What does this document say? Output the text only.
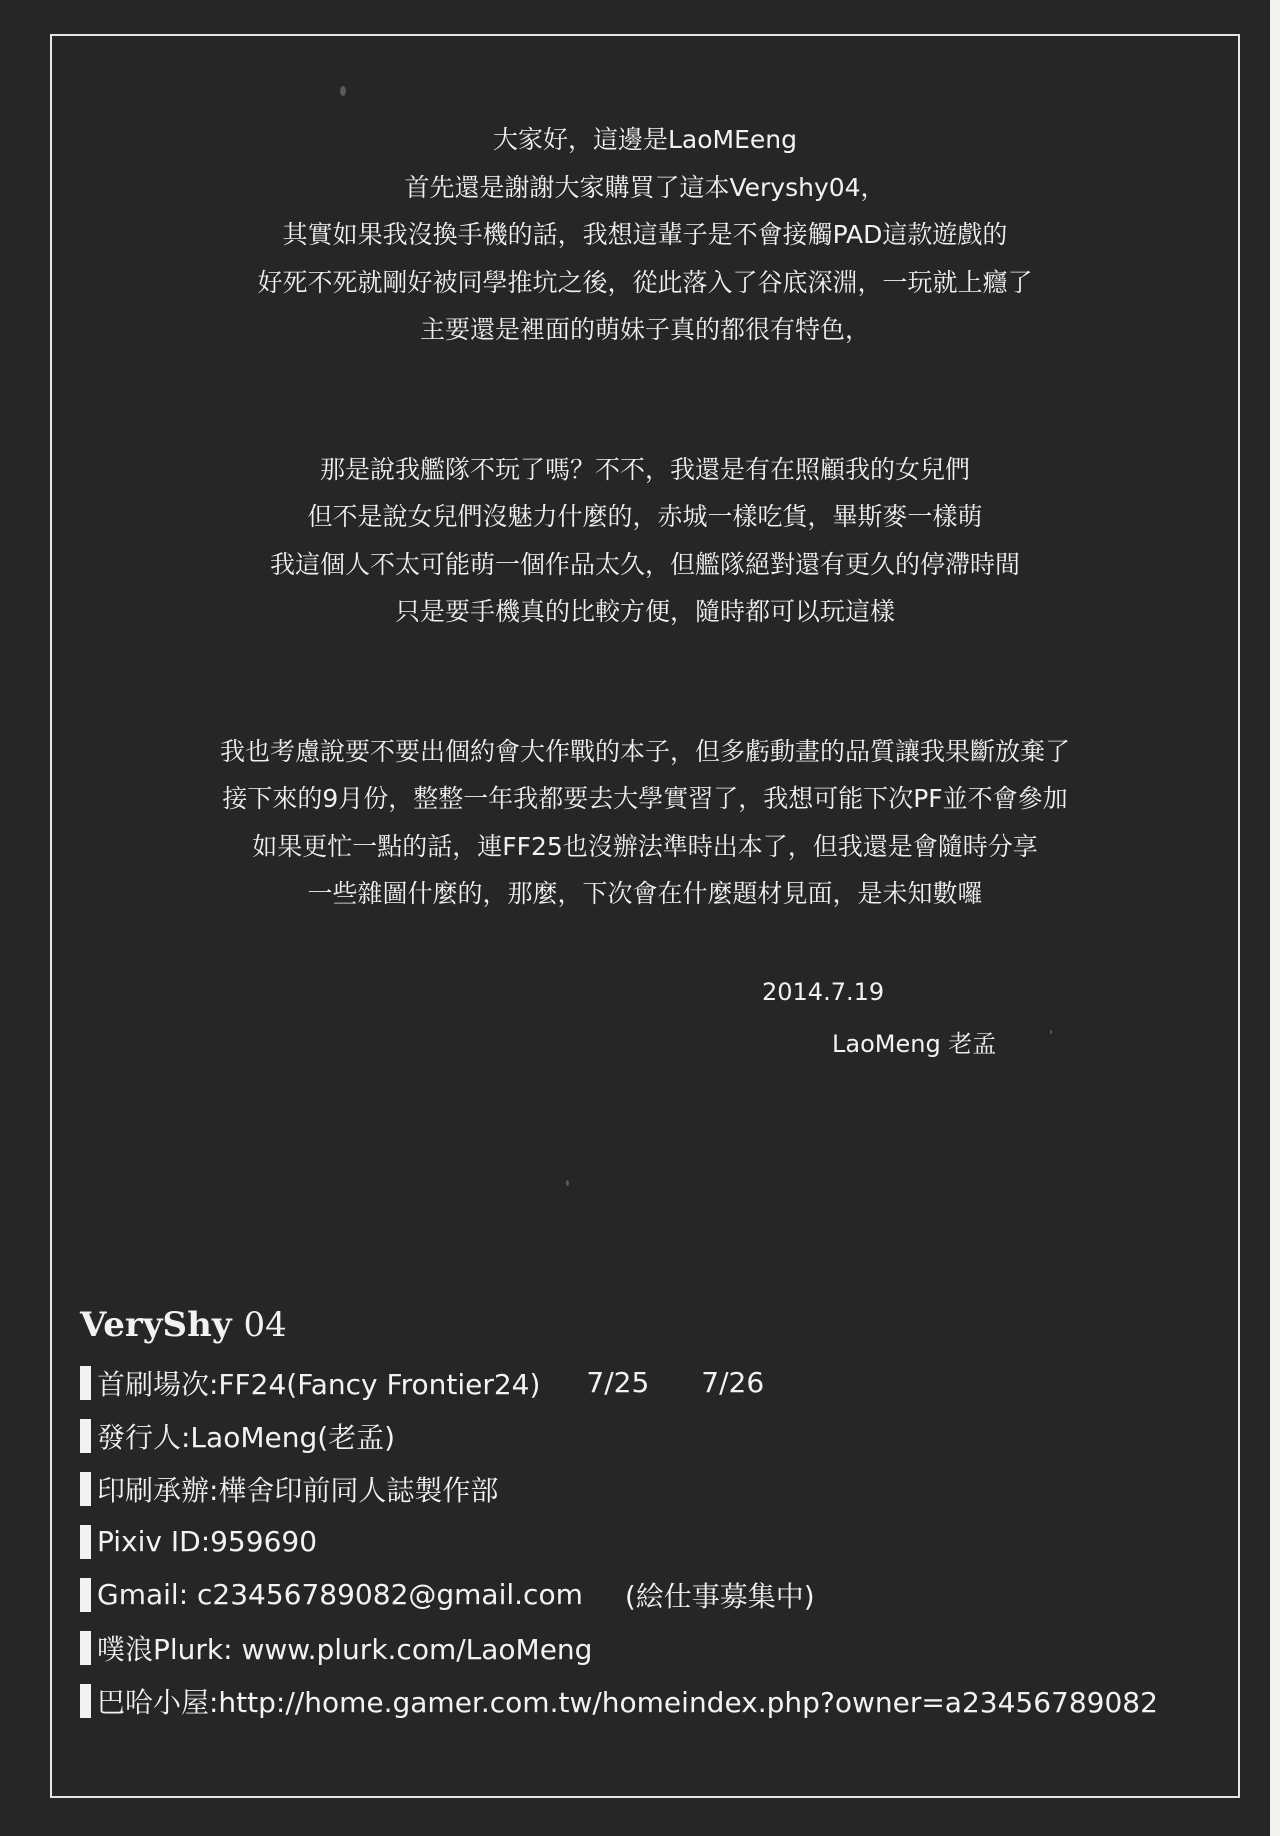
大家好，這邊是LaoMEeng

首先還是謝謝大家購買了這本Veryshy04，

其實如果我沒換手機的話，我想這輩子是不會接觸PAD這款遊戲的

好死不死就剛好被同學推坑之後，從此落入了谷底深淵，一玩就上癮了

主要還是裡面的萌妹子真的都很有特色，

那是說我艦隊不玩了嗎？不不，我還是有在照顧我的女兒們

但不是說女兒們沒魅力什麼的，赤城一樣吃貨，畢斯麥一樣萌

我這個人不太可能萌一個作品太久，但艦隊絕對還有更久的停滯時間

只是要手機真的比較方便，隨時都可以玩這樣

我也考慮說要不要出個約會大作戰的本子，但多虧動畫的品質讓我果斷放棄了

接下來的9月份，整整一年我都要去大學實習了，我想可能下次PF並不會參加

如果更忙一點的話，連FF25也沒辦法準時出本了，但我還是會隨時分享

一些雜圖什麼的，那麼，下次會在什麼題材見面，是未知數囉

2014.7.19
LaoMeng 老孟
VeryShy 04
首刷場次:FF24(Fancy Frontier24) 7/25 7/26
發行人:LaoMeng(老孟)
印刷承辦:樺舍印前同人誌製作部
Pixiv ID:959690
Gmail: c23456789082@gmail.com (絵仕事募集中)
噗浪Plurk: www.plurk.com/LaoMeng
巴哈小屋:http://home.gamer.com.tw/homeindex.php?owner=a23456789082
